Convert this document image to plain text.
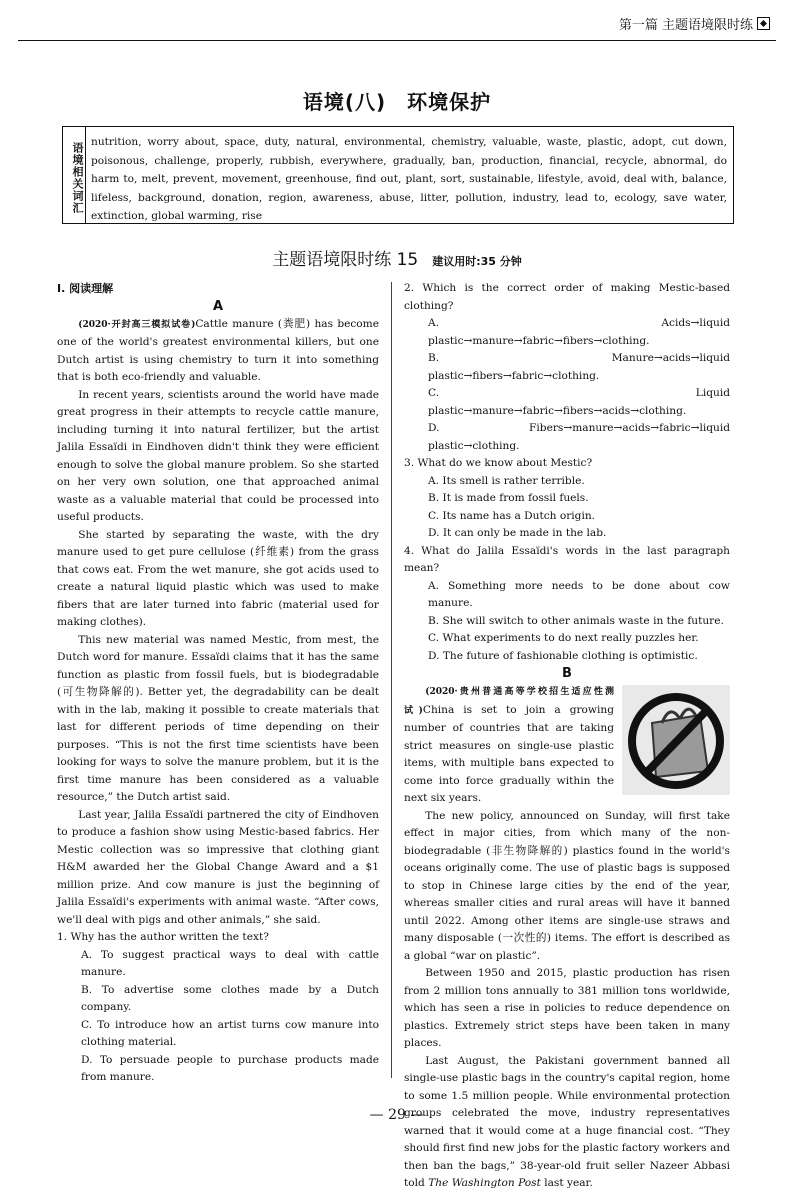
第一篇 主题语境限时练
语境(八)　环境保护
语境相关词汇 nutrition, worry about, space, duty, natural, environmental, chemistry, valuable, waste, plastic, adopt, cut down, poisonous, challenge, properly, rubbish, everywhere, gradually, ban, production, financial, recycle, abnormal, do harm to, melt, prevent, movement, greenhouse, find out, plant, sort, sustainable, lifestyle, avoid, deal with, balance, lifeless, background, donation, region, awareness, abuse, litter, pollution, industry, lead to, ecology, save water, extinction, global warming, rise
主题语境限时练 15 建议用时:35 分钟
Ⅰ. 阅读理解
A

(2020·开封高三模拟试卷)Cattle manure (粪肥) has become one of the world's greatest environmental killers, but one Dutch artist is using chemistry to turn it into something that is both eco-friendly and valuable.

In recent years, scientists around the world have made great progress in their attempts to recycle cattle manure, including turning it into natural fertilizer, but the artist Jalila Essaïdi in Eindhoven didn't think they were efficient enough to solve the global manure problem. So she started on her very own solution, one that approached animal waste as a valuable material that could be processed into useful products.

She started by separating the waste, with the dry manure used to get pure cellulose (纤维素) from the grass that cows eat. From the wet manure, she got acids used to create a natural liquid plastic which was used to make fibers that are later turned into fabric (material used for making clothes).

This new material was named Mestic, from mest, the Dutch word for manure. Essaïdi claims that it has the same function as plastic from fossil fuels, but is biodegradable (可生物降解的). Better yet, the degradability can be dealt with in the lab, making it possible to create materials that last for different periods of time depending on their purposes. “This is not the first time scientists have been looking for ways to solve the manure problem, but it is the first time manure has been considered as a valuable resource,” the Dutch artist said.

Last year, Jalila Essaïdi partnered the city of Eindhoven to produce a fashion show using Mestic-based fabrics. Her Mestic collection was so impressive that clothing giant H&M awarded her the Global Change Award and a $1 million prize. And cow manure is just the beginning of Jalila Essaïdi's experiments with animal waste. “After cows, we'll deal with pigs and other animals,” she said.

1. Why has the author written the text?
A. To suggest practical ways to deal with cattle manure.
B. To advertise some clothes made by a Dutch company.
C. To introduce how an artist turns cow manure into clothing material.
D. To persuade people to purchase products made from manure.
2. Which is the correct order of making Mestic-based clothing?
A. Acids→liquid plastic→manure→fabric→fibers→clothing.
B. Manure→acids→liquid plastic→fibers→fabric→clothing.
C. Liquid plastic→manure→fabric→fibers→acids→clothing.
D. Fibers→manure→acids→fabric→liquid plastic→clothing.
3. What do we know about Mestic?
A. Its smell is rather terrible.
B. It is made from fossil fuels.
C. Its name has a Dutch origin.
D. It can only be made in the lab.
4. What do Jalila Essaïdi's words in the last paragraph mean?
A. Something more needs to be done about cow manure.
B. She will switch to other animals waste in the future.
C. What experiments to do next really puzzles her.
D. The future of fashionable clothing is optimistic.
B

(2020·贵州普通高等学校招生适应性测试)China is set to join a growing number of countries that are taking strict measures on single-use plastic items, with multiple bans expected to come into force gradually within the next six years.

The new policy, announced on Sunday, will first take effect in major cities, from which many of the non-biodegradable (非生物降解的) plastics found in the world's oceans originally come. The use of plastic bags is supposed to stop in Chinese large cities by the end of the year, whereas smaller cities and rural areas will have it banned until 2022. Among other items are single-use straws and many disposable (一次性的) items. The effort is described as a global “war on plastic”.

Between 1950 and 2015, plastic production has risen from 2 million tons annually to 381 million tons worldwide, which has seen a rise in policies to reduce dependence on plastics. Extremely strict steps have been taken in many places.

Last August, the Pakistani government banned all single-use plastic bags in the country's capital region, home to some 1.5 million people. While environmental protection groups celebrated the move, industry representatives warned that it would come at a huge financial cost. “They should first find new jobs for the plastic factory workers and then ban the bags,” 38-year-old fruit seller Nazeer Abbasi told The Washington Post last year.

— 29 —
